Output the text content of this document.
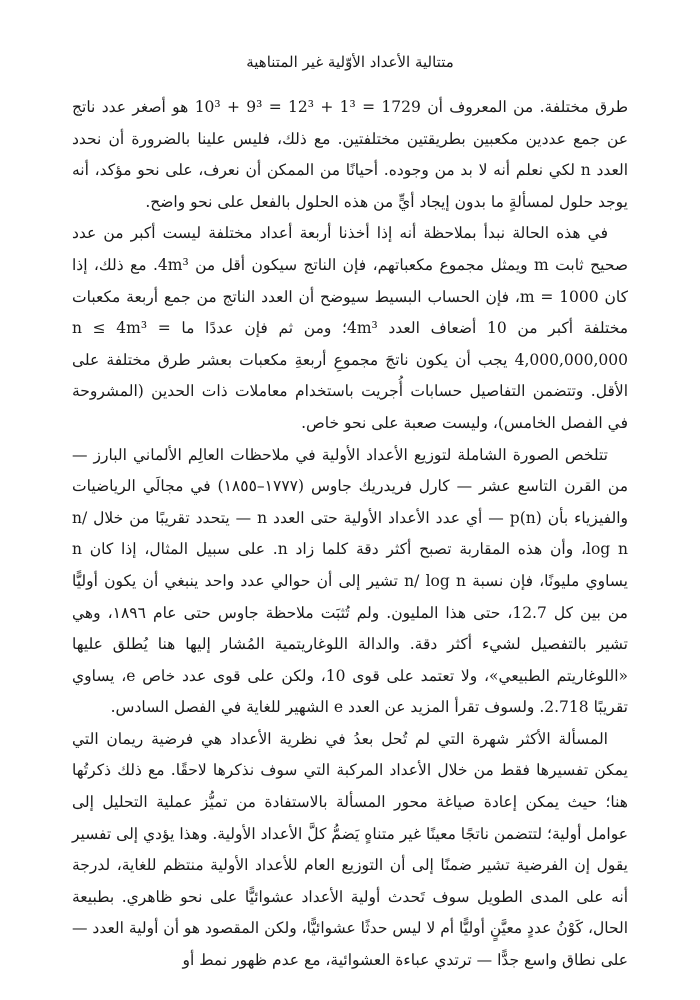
متتالية الأعداد الأوّلية غير المتناهية

طرق مختلفة. من المعروف أن 1729 = 1³ + 12³ = 9³ + 10³ هو أصغر عدد ناتج عن جمع عددين مكعبين بطريقتين مختلفتين. مع ذلك، فليس علينا بالضرورة أن نحدد العدد n لكي نعلم أنه لا بد من وجوده. أحيانًا من الممكن أن نعرف، على نحو مؤكد، أنه يوجد حلول لمسألةٍ ما بدون إيجاد أيٍّ من هذه الحلول بالفعل على نحو واضح.

في هذه الحالة نبدأ بملاحظة أنه إذا أخذنا أربعة أعداد مختلفة ليست أكبر من عدد صحيح ثابت m ويمثل مجموع مكعباتهم، فإن الناتج سيكون أقل من 4m³. مع ذلك، إذا كان m = 1000، فإن الحساب البسيط سيوضح أن العدد الناتج من جمع أربعة مكعبات مختلفة أكبر من 10 أضعاف العدد 4m³؛ ومن ثم فإن عددًا ما n ≤ 4m³ = 4,000,000,000 يجب أن يكون ناتجَ مجموعِ أربعةِ مكعبات بعشر طرق مختلفة على الأقل. وتتضمن التفاصيل حسابات أُجريت باستخدام معاملات ذات الحدين (المشروحة في الفصل الخامس)، وليست صعبة على نحو خاص.

تتلخص الصورة الشاملة لتوزيع الأعداد الأولية في ملاحظات العالِم الألماني البارز — من القرن التاسع عشر — كارل فريدريك جاوس (١٧٧٧–١٨٥٥) في مجالَي الرياضيات والفيزياء بأن p(n) — أي عدد الأعداد الأولية حتى العدد n — يتحدد تقريبًا من خلال n/ log n، وأن هذه المقاربة تصبح أكثر دقة كلما زاد n. على سبيل المثال، إذا كان n يساوي مليونًا، فإن نسبة n/ log n تشير إلى أن حوالي عدد واحد ينبغي أن يكون أوليًّا من بين كل 12.7، حتى هذا المليون. ولم تُثبَت ملاحظة جاوس حتى عام ١٨٩٦، وهي تشير بالتفصيل لشيء أكثر دقة. والدالة اللوغاريتمية المُشار إليها هنا يُطلق عليها «اللوغاريتم الطبيعي»، ولا تعتمد على قوى 10، ولكن على قوى عدد خاص e، يساوي تقريبًا 2.718. ولسوف تقرأ المزيد عن العدد e الشهير للغاية في الفصل السادس.

المسألة الأكثر شهرة التي لم تُحل بعدُ في نظرية الأعداد هي فرضية ريمان التي يمكن تفسيرها فقط من خلال الأعداد المركبة التي سوف نذكرها لاحقًا. مع ذلك ذكرتُها هنا؛ حيث يمكن إعادة صياغة محور المسألة بالاستفادة من تميُّز عملية التحليل إلى عوامل أولية؛ لتتضمن ناتجًا معينًا غير متناهٍ يَضمُّ كلَّ الأعداد الأولية. وهذا يؤدي إلى تفسير يقول إن الفرضية تشير ضمنًا إلى أن التوزيع العام للأعداد الأولية منتظم للغاية، لدرجة أنه على المدى الطويل سوف تَحدث أولية الأعداد عشوائيًّا على نحو ظاهري. بطبيعة الحال، كَوْنُ عددٍ معيَّنٍ أوليًّا أم لا ليس حدثًا عشوائيًّا، ولكن المقصود هو أن أولية العدد — على نطاق واسع جدًّا — ترتدي عباءة العشوائية، مع عدم ظهور نمط أو
